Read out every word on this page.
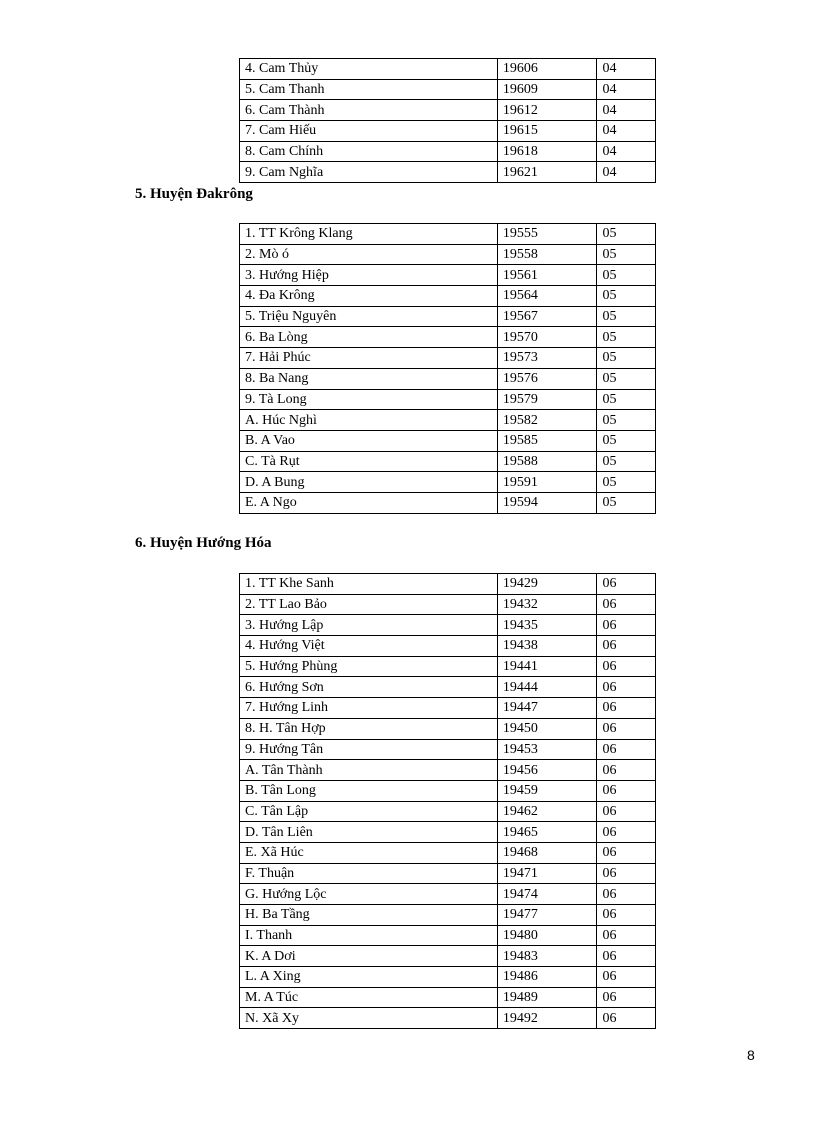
4. Cam Thủy	19606	04
5. Cam Thanh	19609	04
6. Cam Thành	19612	04
7. Cam Hiếu	19615	04
8. Cam Chính	19618	04
9. Cam Nghĩa	19621	04
5. Huyện Đakrông
1. TT Krông Klang	19555	05
2. Mò ó	19558	05
3. Hướng Hiệp	19561	05
4. Đa Krông	19564	05
5. Triệu Nguyên	19567	05
6. Ba Lòng	19570	05
7. Hải Phúc	19573	05
8. Ba Nang	19576	05
9. Tà Long	19579	05
A. Húc Nghì	19582	05
B. A Vao	19585	05
C. Tà Rụt	19588	05
D. A Bung	19591	05
E. A Ngo	19594	05
6. Huyện Hướng Hóa
1. TT Khe Sanh	19429	06
2. TT Lao Bảo	19432	06
3. Hướng Lập	19435	06
4. Hướng Việt	19438	06
5. Hướng Phùng	19441	06
6. Hướng Sơn	19444	06
7. Hướng Linh	19447	06
8. H. Tân Hợp	19450	06
9. Hướng Tân	19453	06
A. Tân Thành	19456	06
B. Tân Long	19459	06
C. Tân Lập	19462	06
D. Tân Liên	19465	06
E. Xã Húc	19468	06
F. Thuận	19471	06
G. Hướng Lộc	19474	06
H. Ba Tầng	19477	06
I. Thanh	19480	06
K. A Dơi	19483	06
L. A Xing	19486	06
M. A Túc	19489	06
N. Xã Xy	19492	06
8
